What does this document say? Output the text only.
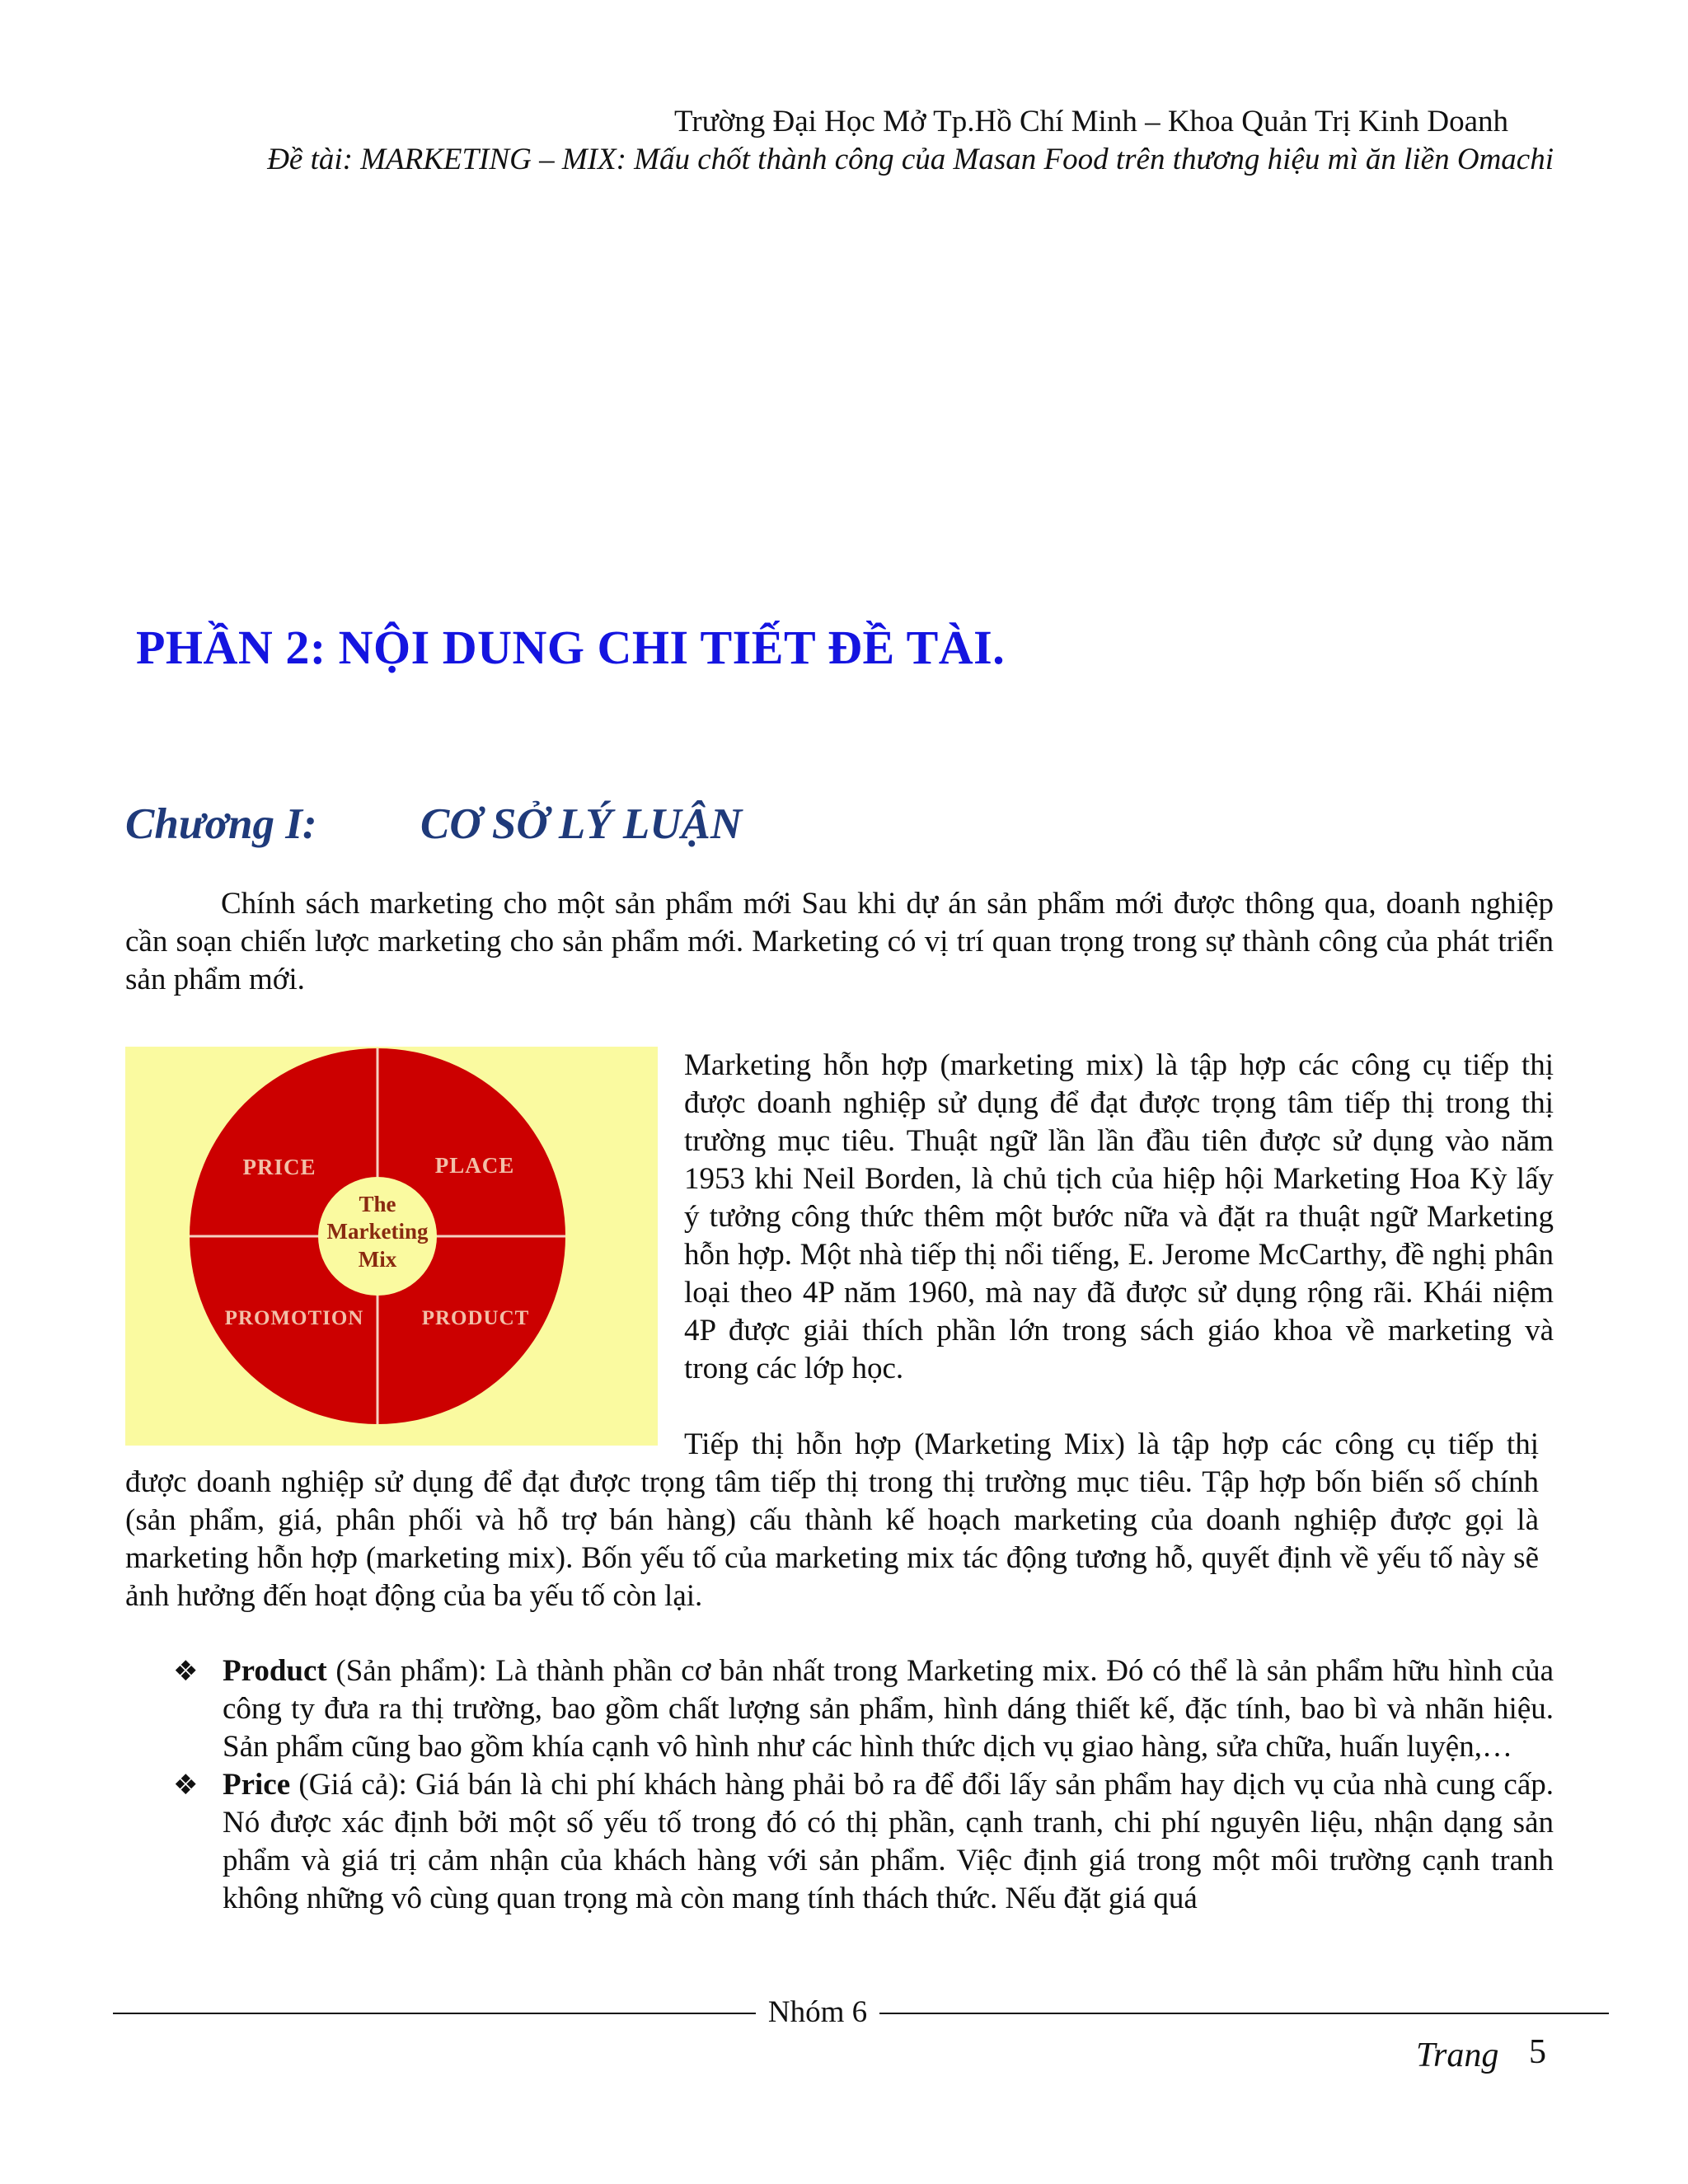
Trường Đại Học Mở Tp.Hồ Chí Minh – Khoa Quản Trị Kinh Doanh
Đề tài: MARKETING – MIX: Mấu chốt thành công của Masan Food trên thương hiệu mì ăn liền Omachi
PHẦN 2: NỘI DUNG CHI TIẾT ĐỀ TÀI.
Chương I: CƠ SỞ LÝ LUẬN
Chính sách marketing cho một sản phẩm mới Sau khi dự án sản phẩm mới được thông qua, doanh nghiệp cần soạn chiến lược marketing cho sản phẩm mới. Marketing có vị trí quan trọng trong sự thành công của phát triển sản phẩm mới.
PRICE	PLACE
PROMOTION	PRODUCT
The
Marketing
Mix
Marketing hỗn hợp (marketing mix) là tập hợp các công cụ tiếp thị được doanh nghiệp sử dụng để đạt được trọng tâm tiếp thị trong thị trường mục tiêu. Thuật ngữ lần lần đầu tiên được sử dụng vào năm 1953 khi Neil Borden, là chủ tịch của hiệp hội Marketing Hoa Kỳ lấy ý tưởng công thức thêm một bước nữa và đặt ra thuật ngữ Marketing hỗn hợp. Một nhà tiếp thị nổi tiếng, E. Jerome McCarthy, đề nghị phân loại theo 4P năm 1960, mà nay đã được sử dụng rộng rãi. Khái niệm 4P được giải thích phần lớn trong sách giáo khoa về marketing và trong các lớp học.
Tiếp thị hỗn hợp (Marketing Mix) là tập hợp các công cụ tiếp thị được doanh nghiệp sử dụng để đạt được trọng tâm tiếp thị trong thị trường mục tiêu. Tập hợp bốn biến số chính (sản phẩm, giá, phân phối và hỗ trợ bán hàng) cấu thành kế hoạch marketing của doanh nghiệp được gọi là marketing hỗn hợp (marketing mix). Bốn yếu tố của marketing mix tác động tương hỗ, quyết định về yếu tố này sẽ ảnh hưởng đến hoạt động của ba yếu tố còn lại.
❖ Product (Sản phẩm): Là thành phần cơ bản nhất trong Marketing mix. Đó có thể là sản phẩm hữu hình của công ty đưa ra thị trường, bao gồm chất lượng sản phẩm, hình dáng thiết kế, đặc tính, bao bì và nhãn hiệu. Sản phẩm cũng bao gồm khía cạnh vô hình như các hình thức dịch vụ giao hàng, sửa chữa, huấn luyện,…
❖ Price (Giá cả): Giá bán là chi phí khách hàng phải bỏ ra để đổi lấy sản phẩm hay dịch vụ của nhà cung cấp. Nó được xác định bởi một số yếu tố trong đó có thị phần, cạnh tranh, chi phí nguyên liệu, nhận dạng sản phẩm và giá trị cảm nhận của khách hàng với sản phẩm. Việc định giá trong một môi trường cạnh tranh không những vô cùng quan trọng mà còn mang tính thách thức. Nếu đặt giá quá
Nhóm 6
Trang 5
